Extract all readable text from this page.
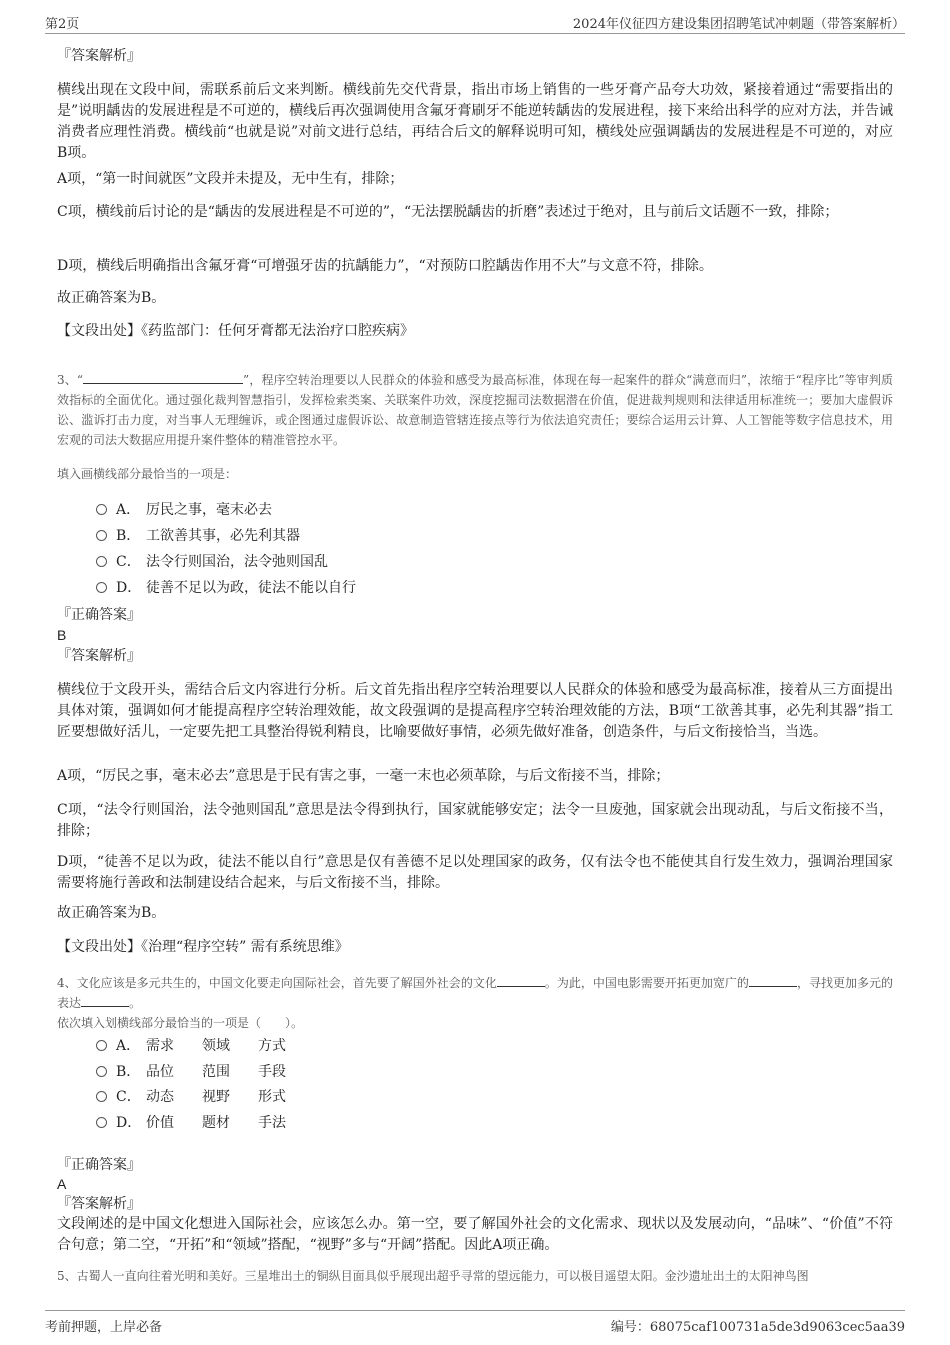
第2页	2024年仪征四方建设集团招聘笔试冲刺题（带答案解析）
『答案解析』
横线出现在文段中间，需联系前后文来判断。横线前先交代背景，指出市场上销售的一些牙膏产品夸大功效，紧接着通过“需要指出的是”说明龋齿的发展进程是不可逆的，横线后再次强调使用含氟牙膏刷牙不能逆转龋齿的发展进程，接下来给出科学的应对方法，并告诫消费者应理性消费。横线前“也就是说”对前文进行总结，再结合后文的解释说明可知，横线处应强调龋齿的发展进程是不可逆的，对应B项。
A项，“第一时间就医”文段并未提及，无中生有，排除；
C项，横线前后讨论的是“龋齿的发展进程是不可逆的”，“无法摆脱龋齿的折磨”表述过于绝对，且与前后文话题不一致，排除；
D项，横线后明确指出含氟牙膏“可增强牙齿的抗龋能力”，“对预防口腔龋齿作用不大”与文意不符，排除。
故正确答案为B。
【文段出处】《药监部门：任何牙膏都无法治疗口腔疾病》
3、“	”，程序空转治理要以人民群众的体验和感受为最高标准，体现在每一起案件的群众“满意而归”，浓缩于“程序比”等审判质效指标的全面优化。通过强化裁判智慧指引，发挥检索类案、关联案件功效，深度挖掘司法数据潜在价值，促进裁判规则和法律适用标准统一；要加大虚假诉讼、滥诉打击力度，对当事人无理缠诉，或企图通过虚假诉讼、故意制造管辖连接点等行为依法追究责任；要综合运用云计算、人工智能等数字信息技术，用宏观的司法大数据应用提升案件整体的精准管控水平。
填入画横线部分最恰当的一项是：
A． 厉民之事，毫末必去
B． 工欲善其事，必先利其器
C． 法令行则国治，法令弛则国乱
D． 徒善不足以为政，徒法不能以自行
『正确答案』
B
『答案解析』
横线位于文段开头，需结合后文内容进行分析。后文首先指出程序空转治理要以人民群众的体验和感受为最高标准，接着从三方面提出具体对策，强调如何才能提高程序空转治理效能，故文段强调的是提高程序空转治理效能的方法，B项“工欲善其事，必先利其器”指工匠要想做好活儿，一定要先把工具整治得锐利精良，比喻要做好事情，必须先做好准备，创造条件，与后文衔接恰当，当选。
A项，“厉民之事，毫末必去”意思是于民有害之事，一毫一末也必须革除，与后文衔接不当，排除；
C项，“法令行则国治，法令弛则国乱”意思是法令得到执行，国家就能够安定；法令一旦废弛，国家就会出现动乱，与后文衔接不当，排除；
D项，“徒善不足以为政，徒法不能以自行”意思是仅有善德不足以处理国家的政务，仅有法令也不能使其自行发生效力，强调治理国家需要将施行善政和法制建设结合起来，与后文衔接不当，排除。
故正确答案为B。
【文段出处】《治理“程序空转” 需有系统思维》
4、文化应该是多元共生的，中国文化要走向国际社会，首先要了解国外社会的文化	。为此，中国电影需要开拓更加宽广的	，寻找更加多元的表达	。
依次填入划横线部分最恰当的一项是（　　）。
A． 需求　　 领域　　 方式
B． 品位　　 范围　　 手段
C． 动态　　 视野　　 形式
D． 价值　　 题材　　 手法
『正确答案』
A
『答案解析』
文段阐述的是中国文化想进入国际社会，应该怎么办。第一空，要了解国外社会的文化需求、现状以及发展动向，“品味”、“价值”不符合句意；第二空，“开拓”和“领域”搭配，“视野”多与“开阔”搭配。因此A项正确。
5、古蜀人一直向往着光明和美好。三星堆出土的铜纵目面具似乎展现出超乎寻常的望远能力，可以极目遥望太阳。金沙遗址出土的太阳神鸟图
考前押题，上岸必备	编号：68075caf100731a5de3d9063cec5aa39
